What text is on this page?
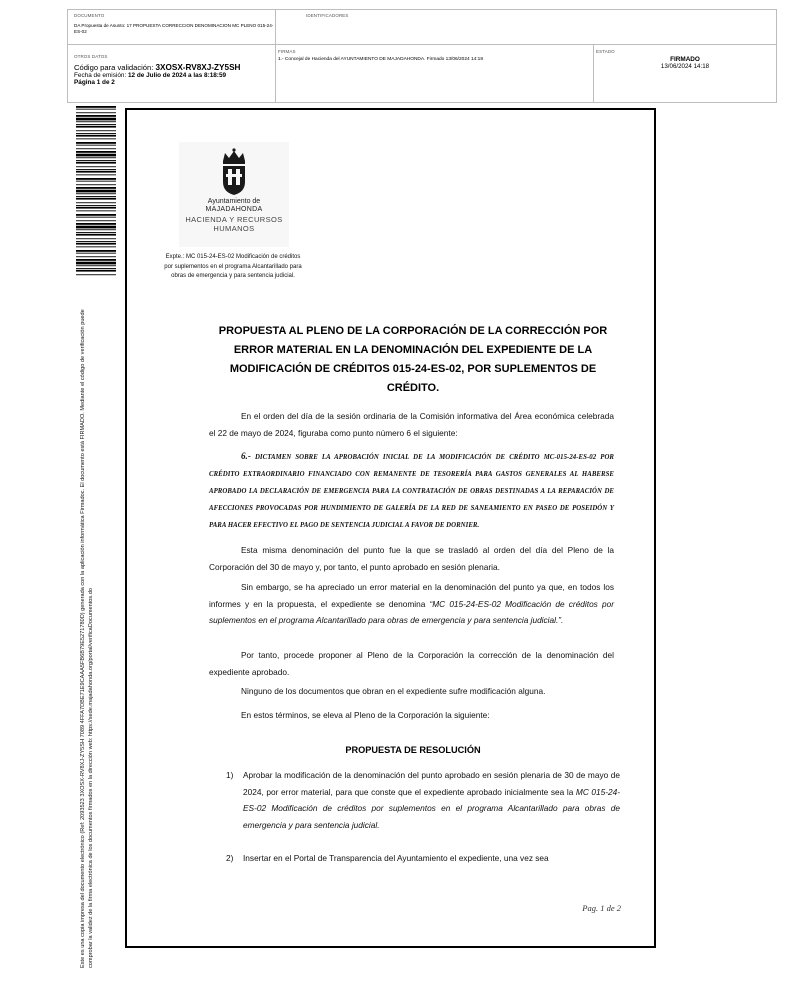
DOCUMENTO
DA Propuesta de Asunto: 17 PROPUESTA CORRECCION DENOMINACION MC PLENO 015-24-ES-02
IDENTIFICADORES
OTROS DATOS
Código para validación: 3XOSX-RV8XJ-ZY5SH
Fecha de emisión: 12 de Julio de 2024 a las 8:18:59
Página 1 de 2
FIRMAS
1.- Concejal de Hacienda del AYUNTAMIENTO DE MAJADAHONDA. Firmado 13/06/2024 14:18
ESTADO
FIRMADO
13/06/2024 14:18
Este es una copia impresa del documento electrónico (Ref: 2093523 3XOSX-RV8XJ-ZY5SH 7089 4FFA7DBE71E9CAAA5FB6B79E5271780D) generada con la aplicación informática Firmadoc. El documento está FIRMADO. Mediante el código de verificación puede comprobar la validez de la firma electrónica de los documentos firmados en la dirección web: https://sede.majadahonda.org/portal/verificaDocumentos.do
Ayuntamiento de
MAJADAHONDA
HACIENDA Y RECURSOS
HUMANOS
Expte.: MC 015-24-ES-02 Modificación de créditos por suplementos en el programa Alcantarillado para obras de emergencia y para sentencia judicial.
PROPUESTA AL PLENO DE LA CORPORACIÓN DE LA CORRECCIÓN POR ERROR MATERIAL EN LA DENOMINACIÓN DEL EXPEDIENTE DE LA MODIFICACIÓN DE CRÉDITOS 015-24-ES-02, POR SUPLEMENTOS DE CRÉDITO.
En el orden del día de la sesión ordinaria de la Comisión informativa del Área económica celebrada el 22 de mayo de 2024, figuraba como punto número 6 el siguiente:
6.- DICTAMEN SOBRE LA APROBACIÓN INICIAL DE LA MODIFICACIÓN DE CRÉDITO MC-015-24-ES-02 POR CRÉDITO EXTRAORDINARIO FINANCIADO CON REMANENTE DE TESORERÍA PARA GASTOS GENERALES AL HABERSE APROBADO LA DECLARACIÓN DE EMERGENCIA PARA LA CONTRATACIÓN DE OBRAS DESTINADAS A LA REPARACIÓN DE AFECCIONES PROVOCADAS POR HUNDIMIENTO DE GALERÍA DE LA RED DE SANEAMIENTO EN PASEO DE POSEIDÓN Y PARA HACER EFECTIVO EL PAGO DE SENTENCIA JUDICIAL A FAVOR DE DORNIER.
Esta misma denominación del punto fue la que se trasladó al orden del día del Pleno de la Corporación del 30 de mayo y, por tanto, el punto aprobado en sesión plenaria.
Sin embargo, se ha apreciado un error material en la denominación del punto ya que, en todos los informes y en la propuesta, el expediente se denomina “MC 015-24-ES-02 Modificación de créditos por suplementos en el programa Alcantarillado para obras de emergencia y para sentencia judicial.”.
Por tanto, procede proponer al Pleno de la Corporación la corrección de la denominación del expediente aprobado.
Ninguno de los documentos que obran en el expediente sufre modificación alguna.
En estos términos, se eleva al Pleno de la Corporación la siguiente:
PROPUESTA DE RESOLUCIÓN
1) Aprobar la modificación de la denominación del punto aprobado en sesión plenaria de 30 de mayo de 2024, por error material, para que conste que el expediente aprobado inicialmente sea la MC 015-24-ES-02 Modificación de créditos por suplementos en el programa Alcantarillado para obras de emergencia y para sentencia judicial.
2) Insertar en el Portal de Transparencia del Ayuntamiento el expediente, una vez sea
Pag. 1 de 2
